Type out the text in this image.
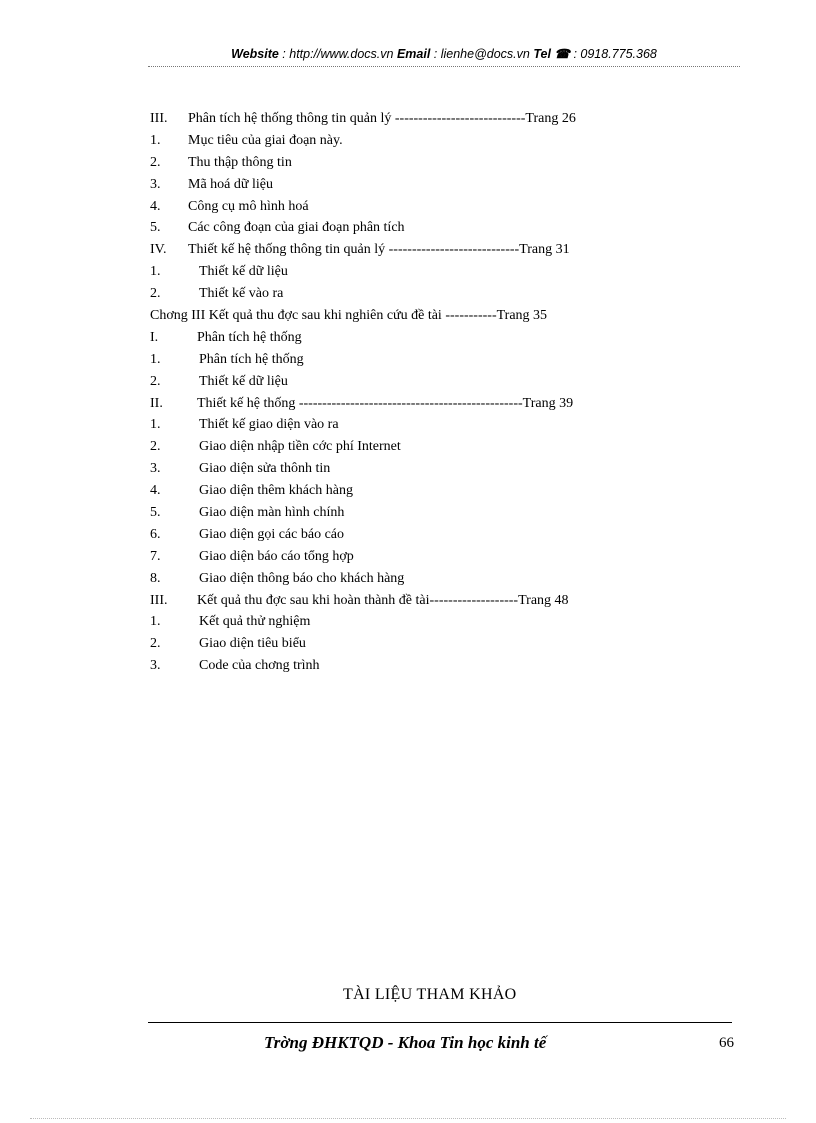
Website : http://www.docs.vn Email : lienhe@docs.vn Tel ☎ : 0918.775.368
III. Phân tích hệ thống thông tin quản lý ----------------------------Trang 26
1. Mục tiêu của giai đoạn này.
2. Thu thập thông tin
3. Mã hoá dữ liệu
4. Công cụ mô hình hoá
5. Các công đoạn của giai đoạn phân tích
IV. Thiết kế hệ thống thông tin quản lý ----------------------------Trang 31
1.	Thiết kế dữ liệu
2.	Thiết kế vào ra
Chơng III Kết quả thu đợc sau khi nghiên cứu đề tài -----------Trang 35
I.	Phân tích hệ thống
1.	Phân tích hệ thống
2.	Thiết kế dữ liệu
II. Thiết kế hệ thống ------------------------------------------------Trang 39
1.	Thiết kế giao diện vào ra
2.	Giao diện nhập tiền cớc phí Internet
3.	Giao diện sửa thônh tin
4.	Giao diện thêm khách hàng
5.	Giao diện màn hình chính
6.	Giao diện gọi các báo cáo
7.	Giao diện báo cáo tổng hợp
8.	Giao diện thông báo cho khách hàng
III. Kết quả thu đợc sau khi hoàn thành đề tài-------------------Trang 48
1.	Kết quả thử nghiệm
2.	Giao diện tiêu biểu
3.	Code của chơng trình
TÀI LIỆU THAM KHẢO
Trờng ĐHKTQD - Khoa Tin học kinh tế	66
